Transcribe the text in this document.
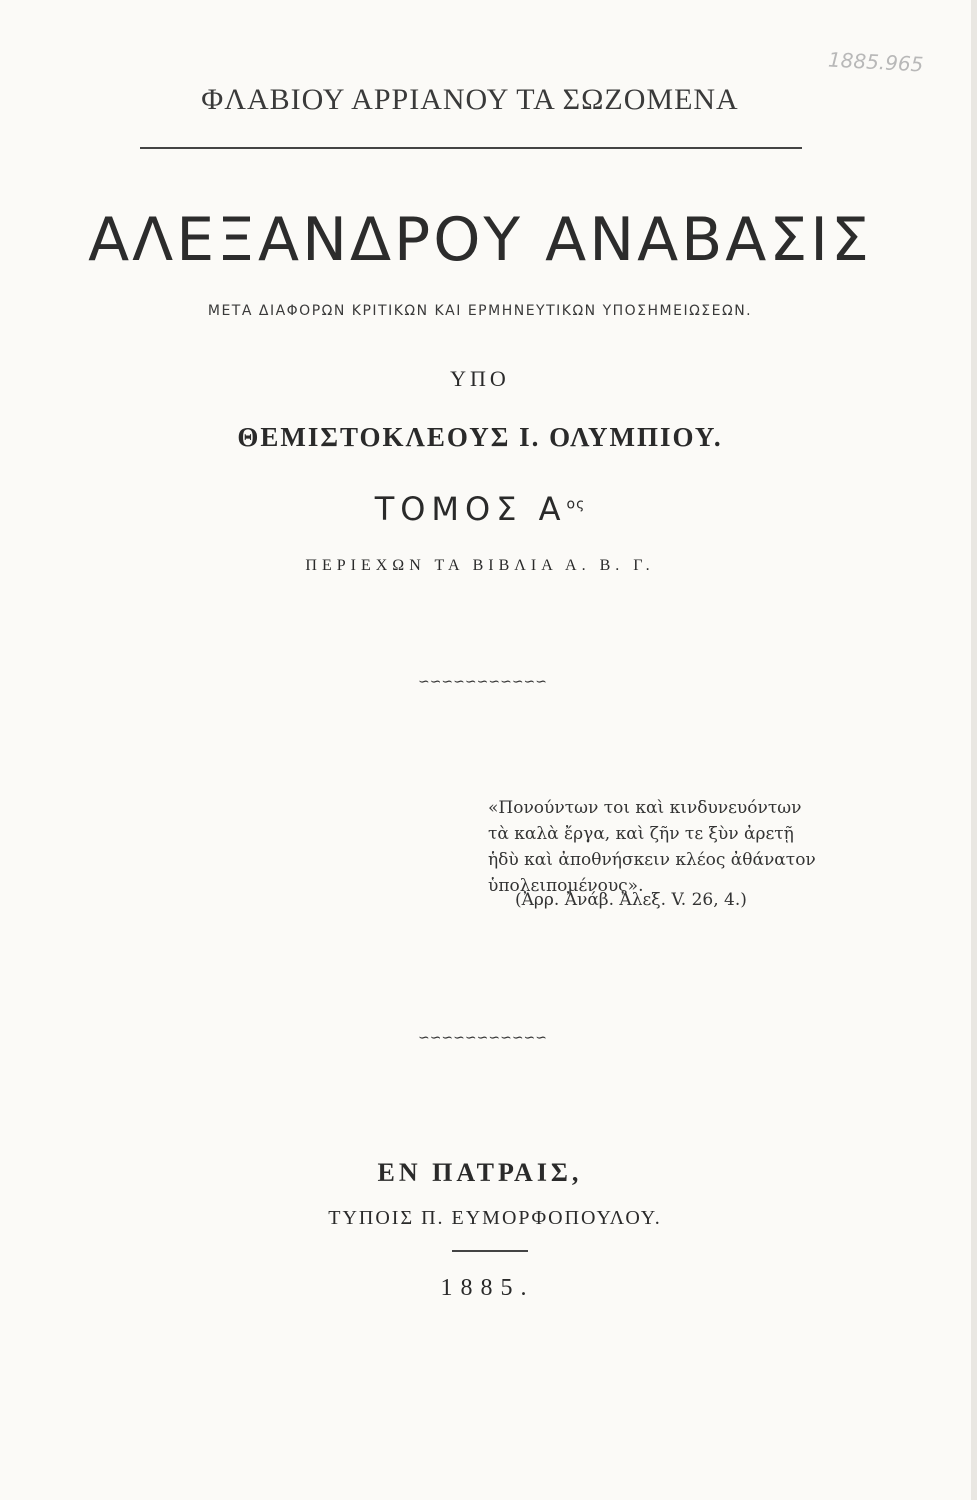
1885.965
ΦΛΑΒΙΟΥ ΑΡΡΙΑΝΟΥ ΤΑ ΣΩΖΟΜΕΝΑ
ΑΛΕΞΑΝΔΡΟΥ ΑΝΑΒΑΣΙΣ
ΜΕΤΑ ΔΙΑΦΟΡΩΝ ΚΡΙΤΙΚΩΝ ΚΑΙ ΕΡΜΗΝΕΥΤΙΚΩΝ ΥΠΟΣΗΜΕΙΩΣΕΩΝ.
ΥΠΟ
ΘΕΜΙΣΤΟΚΛΕΟΥΣ Ι. ΟΛΥΜΠΙΟΥ.
ΤΟΜΟΣ $A^{o\varsigma}$
ΠΕΡΙΕΧΩΝ ΤΑ ΒΙΒΛΙΑ Α. Β. Γ.
∽∽∽∽∽∽∽∽∽∽∽
«Πονούντων τοι καὶ κινδυνευόντων
τὰ καλὰ ἔργα, καὶ ζῆν τε ξὺν ἀρετῇ
ἡδὺ καὶ ἀποθνήσκειν κλέος ἀθάνατον
ὑπολειπομένους».
(Ἀρρ. Ἀνάβ. Ἀλεξ. V. 26, 4.)
∽∽∽∽∽∽∽∽∽∽∽
ΕΝ ΠΑΤΡΑΙΣ,
ΤΥΠΟΙΣ Π. ΕΥΜΟΡΦΟΠΟΥΛΟΥ.
1885.
